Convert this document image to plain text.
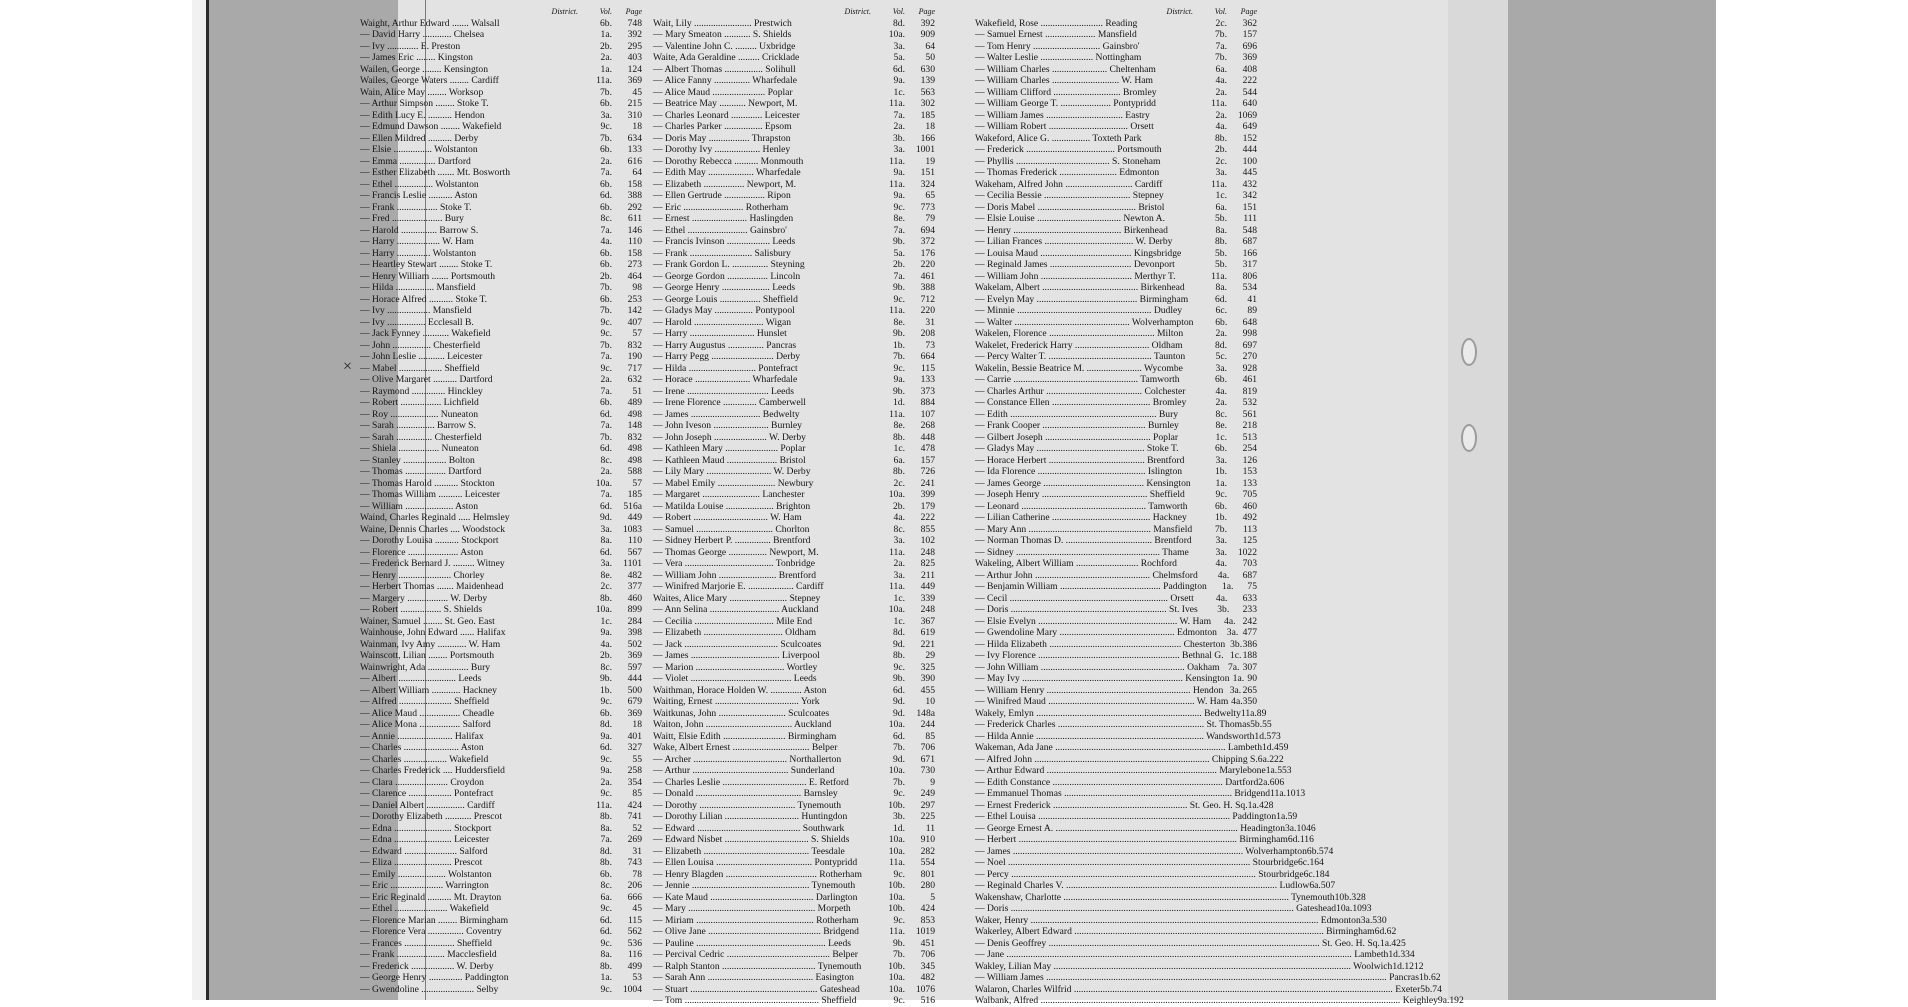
×
District.	Vol.	Page
Waight, Arthur Edward ....... Walsall	6b.	748
— David Harry ............ Chelsea	1a.	392
— Ivy ............. E. Preston	2b.	295
— James Eric ........ Kingston	2a.	403
Wailen, George ........ Kensington	1a.	124
Wailes, George Waters ........ Cardiff	11a.	369
Wain, Alice May ........ Worksop	7b.	45
— Arthur Simpson ........ Stoke T.	6b.	215
— Edith Lucy E. .......... Hendon	3a.	310
— Edmund Dawson ........ Wakefield	9c.	18
— Ellen Mildred .......... Derby	7b.	634
— Elsie ................ Wolstanton	6b.	133
— Emma ............... Dartford	2a.	616
— Esther Elizabeth ....... Mt. Bosworth	7a.	64
— Ethel ................ Wolstanton	6b.	158
— Francis Leslie .......... Aston	6d.	388
— Frank ................. Stoke T.	6b.	292
— Fred ..................... Bury	8c.	611
— Harold ............... Barrow S.	7a.	146
— Harry .................. W. Ham	4a.	110
— Harry .............. Wolstanton	6b.	158
— Heartley Stewart ........ Stoke T.	6b.	273
— Henry William ....... Portsmouth	2b.	464
— Hilda ................ Mansfield	7b.	98
— Horace Alfred .......... Stoke T.	6b.	253
— Ivy .................. Mansfield	7b.	142
— Ivy ................ Ecclesall B.	9c.	407
— Jack Fynney ........... Wakefield	9c.	57
— John ................ Chesterfield	7b.	832
— John Leslie ........... Leicester	7a.	190
— Mabel .................. Sheffield	9c.	717
— Olive Margaret .......... Dartford	2a.	632
— Raymond .............. Hinckley	7a.	51
— Robert ................. Lichfield	6b.	489
— Roy .................... Nuneaton	6d.	498
— Sarah ................ Barrow S.	7a.	148
— Sarah ............... Chesterfield	7b.	832
— Shiela ................. Nuneaton	6d.	498
— Stanley .................. Bolton	8c.	498
— Thomas ................. Dartford	2a.	588
— Thomas Harold .......... Stockton	10a.	57
— Thomas William .......... Leicester	7a.	185
— William .................... Aston	6d.	516a
Waind, Charles Reginald ..... Helmsley	9d.	449
Waine, Dennis Charles .... Woodstock	3a.	1083
— Dorothy Louisa .......... Stockport	8a.	110
— Florence ..................... Aston	6d.	567
— Frederick Bernard J. ......... Witney	3a.	1101
— Henry ...................... Chorley	8e.	482
— Herbert Thomas ....... Maidenhead	2c.	377
— Margery ................. W. Derby	8b.	460
— Robert ................. S. Shields	10a.	899
Wainer, Samuel ........ St. Geo. East	1c.	284
Wainhouse, John Edward ...... Halifax	9a.	398
Wainman, Ivy Amy ............ W. Ham	4a.	502
Wainscott, Lilian ........ Portsmouth	2b.	369
Wainwright, Ada ................. Bury	8c.	597
— Albert ........................ Leeds	9b.	444
— Albert William ............ Hackney	1b.	500
— Alfred ...................... Sheffield	9c.	679
— Alice Maud ................. Cheadle	6b.	369
— Alice Mona ................. Salford	8d.	18
— Annie ....................... Halifax	9a.	401
— Charles ....................... Aston	6d.	327
— Charles .................. Wakefield	9c.	55
— Charles Frederick .... Huddersfield	9a.	258
— Clara ...................... Croydon	2a.	354
— Clarence .................. Pontefract	9c.	85
— Daniel Albert ................ Cardiff	11a.	424
— Dorothy Elizabeth ........... Prescot	8b.	741
— Edna ........................ Stockport	8a.	52
— Edna ........................ Leicester	7a.	269
— Edward ...................... Salford	8d.	31
— Eliza ........................ Prescot	8b.	743
— Emily .................... Wolstanton	6b.	78
— Eric ...................... Warrington	8c.	206
— Eric Reginald .......... Mt. Drayton	6a.	666
— Ethel ...................... Wakefield	9c.	45
— Florence Marian ........ Birmingham	6d.	115
— Florence Vera ............... Coventry	6d.	562
— Frances ..................... Sheffield	9c.	536
— Frank .................... Macclesfield	8a.	116
— Frederick .................. W. Derby	8b.	499
— George Henry .............. Paddington	1a.	53
— Gwendoline ...................... Selby	9c.	1004
District.	Vol.	Page
Wait, Lily ........................ Prestwich	8d.	392
— Mary Smeaton ........... S. Shields	10a.	909
— Valentine John C. ......... Uxbridge	3a.	64
Waite, Ada Geraldine ......... Cricklade	5a.	50
— Albert Thomas ................ Solihull	6d.	630
— Alice Fanny ............... Wharfedale	9a.	139
— Alice Maud ...................... Poplar	1c.	563
— Beatrice May ........... Newport, M.	11a.	302
— Charles Leonard ............. Leicester	7a.	185
— Charles Parker ................ Epsom	2a.	18
— Doris May ................. Thrapston	3b.	166
— Dorothy Ivy ................... Henley	3a.	1001
— Dorothy Rebecca .......... Monmouth	11a.	19
— Edith May ................... Wharfedale	9a.	151
— Elizabeth ................. Newport, M.	11a.	324
— Ellen Gertrude ................. Ripon	9a.	65
— Eric ......................... Rotherham	9c.	773
— Ernest ....................... Haslingden	8e.	79
— Ethel ......................... Gainsbro'	7a.	694
— Francis Ivinson .................. Leeds	9b.	372
— Frank .......................... Salisbury	5a.	176
— Frank Gordon L. ............... Steyning	2b.	220
— George Gordon ................. Lincoln	7a.	461
— George Henry .................... Leeds	9b.	388
— George Louis ................. Sheffield	9c.	712
— Gladys May ................ Pontypool	11a.	220
— Harold ............................. Wigan	8e.	31
— Harry ........................... Hunslet	9b.	208
— Harry Augustus ............... Pancras	1b.	73
— Harry Pegg .......................... Derby	7b.	664
— Hilda ............................ Pontefract	9c.	115
— Horace ....................... Wharfedale	9a.	133
— Irene .................................. Leeds	9b.	373
— Irene Florence .............. Camberwell	1d.	884
— James ............................. Bedwelty	11a.	107
— John Iveson ....................... Burnley	8e.	268
— John Joseph ...................... W. Derby	8b.	448
— Kathleen Mary ...................... Poplar	1c.	478
— Kathleen Maud ..................... Bristol	6a.	157
— Lily Mary ........................... W. Derby	8b.	726
— Mabel Emily ........................ Newbury	2c.	241
— Margaret ........................ Lanchester	10a.	399
— Matilda Louise .................... Brighton	2b.	179
— Robert ............................... W. Ham	4a.	222
— Samuel ................................ Chorlton	8c.	855
— Sidney Herbert P. ............... Brentford	3a.	102
— Thomas George ................ Newport, M.	11a.	248
— Vera ..................................... Tonbridge	2a.	825
— William John ........................ Brentford	3a.	211
— Winifred Marjorie E. ................... Cardiff	11a.	449
Waites, Alice Mary ........................ Stepney	1c.	339
— Ann Selina ............................. Auckland	10a.	248
— Cecilia ................................. Mile End	1c.	367
— Elizabeth ................................. Oldham	8d.	619
— Jack ....................................... Sculcoates	9d.	221
— James ..................................... Liverpool	8b.	29
— Marion ..................................... Wortley	9c.	325
— Violet .......................................... Leeds	9b.	390
Waithman, Horace Holden W. ............. Aston	6d.	455
Waiting, Ernest ................................... York	9d.	10
Waitkunas, John ............................ Sculcoates	9d.	148a
Waiton, John .................................... Auckland	10a.	244
Waitt, Elsie Edith .......................... Birmingham	6d.	85
Wake, Albert Ernest ................................ Belper	7b.	706
— Archer ....................................... Northallerton	9d.	671
— Arthur ........................................ Sunderland	10a.	730
— Charles Leslie ................................... E. Retford	7b.	9
— Donald ............................................ Barnsley	9c.	249
— Dorothy ........................................ Tynemouth	10b.	297
— Dorothy Lilian ............................... Huntingdon	3b.	225
— Edward ........................................... Southwark	1d.	11
— Edward Nisbet ................................... S. Shields	10a.	910
— Elizabeth ............................................ Teesdale	10a.	282
— Ellen Louisa ........................................ Pontypridd	11a.	554
— Henry Blagden ...................................... Rotherham	9c.	801
— Jennie ................................................. Tynemouth	10b.	280
— Kate Maud ........................................... Darlington	10a.	5
— Mary ..................................................... Morpeth	10b.	424
— Miriam ................................................. Rotherham	9c.	853
— Olive Jane ............................................... Bridgend	11a.	1019
— Pauline ...................................................... Leeds	9b.	451
— Percival Cedric ........................................... Belper	7b.	706
— Ralph Stanton ....................................... Tynemouth	10b.	345
— Sarah Ann ............................................ Easington	10a.	482
— Stuart ..................................................... Gateshead	10a.	1076
— Tom ........................................................ Sheffield	9c.	516
District.	Vol.	Page
Wakefield, Rose .......................... Reading	2c.	362
— Samuel Ernest ..................... Mansfield	7b.	157
— Tom Henry ............................ Gainsbro'	7a.	696
— Walter Leslie ...................... Nottingham	7b.	369
— William Charles ....................... Cheltenham	6a.	408
— William Charles ............................ W. Ham	4a.	222
— William Clifford ............................ Bromley	2a.	544
— William George T. ..................... Pontypridd	11a.	640
— William James ................................ Eastry	2a.	1069
— William Robert ................................. Orsett	4a.	649
Wakeford, Alice G. ................ Toxteth Park	8b.	152
— Frederick ..................................... Portsmouth	2b.	444
— Phyllis ....................................... S. Stoneham	2c.	100
— Thomas Frederick ........................ Edmonton	3a.	445
Wakeham, Alfred John ............................ Cardiff	11a.	432
— Cecilia Bessie .................................... Stepney	1c.	342
— Doris Mabel ......................................... Bristol	6a.	151
— Elsie Louise ................................... Newton A.	5b.	111
— Henry ............................................. Birkenhead	8a.	548
— Lilian Frances ..................................... W. Derby	8b.	687
— Louisa Maud ...................................... Kingsbridge	5b.	166
— Reginald James .................................. Devonport	5b.	317
— William John ...................................... Merthyr T.	11a.	806
Wakelam, Albert ........................................ Birkenhead	8a.	534
— Evelyn May .......................................... Birmingham	6d.	41
— Minnie ........................................................ Dudley	6c.	89
— Walter ................................................ Wolverhampton	6b.	648
Wakelen, Florence ............................................ Milton	2a.	998
Wakelet, Frederick Harry ............................... Oldham	8d.	697
— Percy Walter T. ........................................... Taunton	5c.	270
Wakelin, Bessie Beatrice M. ....................... Wycombe	3a.	928
— Carrie .................................................... Tamworth	6b.	461
— Charles Arthur ........................................ Colchester	4a.	819
— Constance Ellen ......................................... Bromley	2a.	532
— Edith ............................................................. Bury	8c.	561
— Frank Cooper ........................................... Burnley	8e.	218
— Gilbert Joseph ............................................ Poplar	1c.	513
— Gladys May ............................................. Stoke T.	6b.	254
— Horace Herbert ........................................ Brentford	3a.	126
— Ida Florence ............................................. Islington	1b.	153
— James George .......................................... Kensington	1a.	133
— Joseph Henry ............................................ Sheffield	9c.	705
— Leonard .................................................... Tamworth	6b.	460
— Lilian Catherine ......................................... Hackney	1b.	492
— Mary Ann ................................................... Mansfield	7b.	113
— Norman Thomas D. .................................... Brentford	3a.	125
— Sidney ............................................................ Thame	3a.	1022
Wakeling, Albert William .......................... Rochford	4a.	703
— Arthur John ................................................ Chelmsford	4a.	687
— Benjamin William .......................................... Paddington	1a.	75
— Cecil .................................................................. Orsett	4a.	633
— Doris ................................................................. St. Ives	3b.	233
— Elsie Evelyn .......................................................... W. Ham	4a. 242
— Gwendoline Mary ................................................ Edmonton	3a. 477
— Hilda Elizabeth ....................................................... Chesterton 3b. 386
— Ivy Florence ........................................................... Bethnal G. 1c. 188
— John William ............................................................ Oakham 7a. 307
— May Ivy ................................................................... Kensington 1a. 90
— William Henry ............................................................ Hendon 3a. 265
— Winifred Maud ............................................................. W. Ham 4a. 350
Wakely, Emlyn ..................................................................... Bedwelty 11a. 89
— Frederick Charles ............................................................. St. Thomas 5b. 55
— Hilda Annie ...................................................................... Wandsworth 1d. 573
Wakeman, Ada Jane ....................................................................... Lambeth 1d. 459
— Alfred John ......................................................................... Chipping S. 6a. 222
— Arthur Edward ....................................................................... Marylebone 1a. 553
— Edith Constance ....................................................................... Dartford 2a. 606
— Emmanuel Thomas ...................................................................... Bridgend 11a. 1013
— Ernest Frederick ........................................................ St. Geo. H. Sq. 1a. 428
— Ethel Louisa ................................................................................ Paddington 1a. 59
— George Ernest A. ............................................................................ Headington 3a. 1046
— Herbert ........................................................................................... Birmingham 6d. 116
— James ................................................................................................ Wolverhampton 6b. 574
— Noel ..................................................................................................... Stourbridge 6c. 164
— Percy ...................................................................................................... Stourbridge 6c. 184
— Reginald Charles V. ........................................................................................ Ludlow 6a. 507
Wakenshaw, Charlotte .............................................................................................. Tynemouth 10b. 328
— Doris ...................................................................................................................... Gateshead 10a. 1093
Waker, Henry ........................................................................................................................ Edmonton 3a. 530
Wakerley, Albert Edward ........................................................................................................ Birmingham 6d. 62
— Denis Geoffrey ................................................................................................................. St. Geo. H. Sq. 1a. 425
— Jane ................................................................................................................................................ Lambeth 1d. 334
Wakley, Lilian May ............................................................................................................................ Woolwich 1d. 1212
— William James .............................................................................................................................................. Pancras 1b. 62
Walaron, Charles Wilfrid ..................................................................................................................................... Exeter 5b. 74
Walbank, Alfred ...................................................................................................................................................... Keighley 9a. 192
